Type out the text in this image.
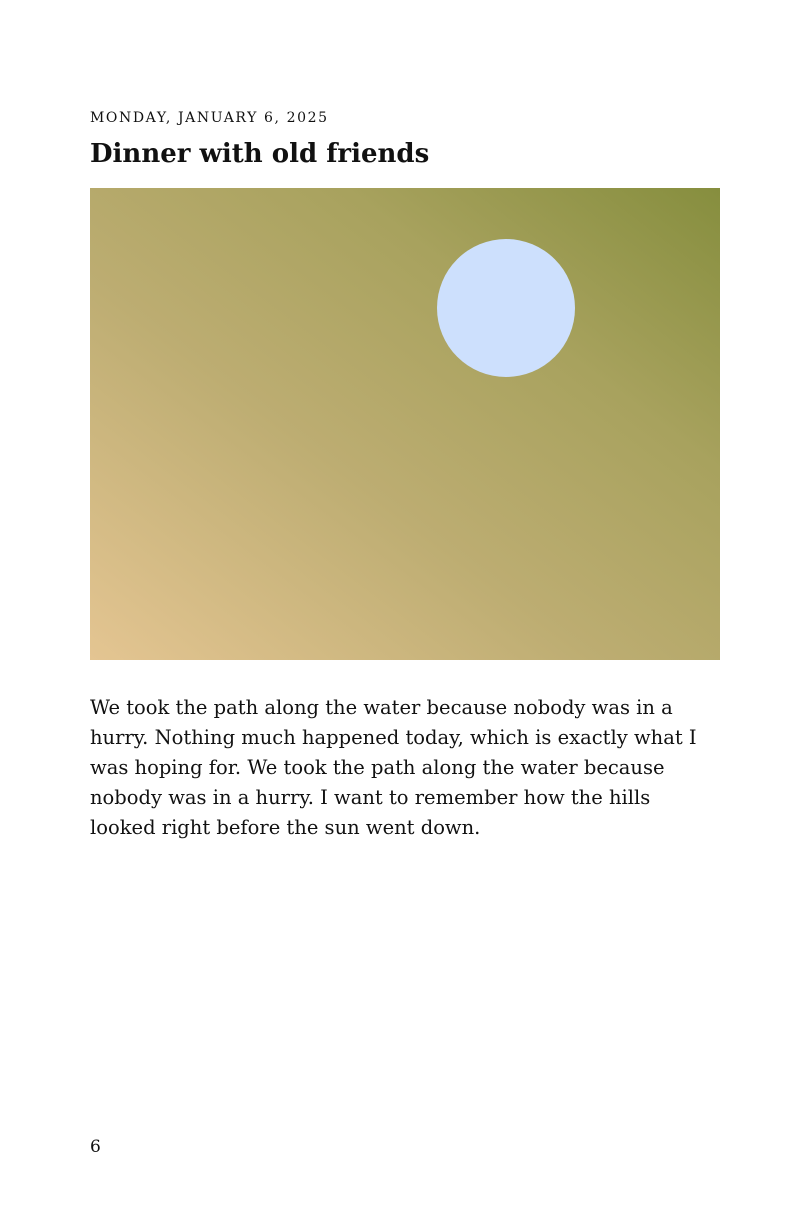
MONDAY, JANUARY 6, 2025
Dinner with old friends

We took the path along the water because nobody was in a hurry. Nothing much happened today, which is exactly what I was hoping for. We took the path along the water because nobody was in a hurry. I want to remember how the hills looked right before the sun went down.

6
